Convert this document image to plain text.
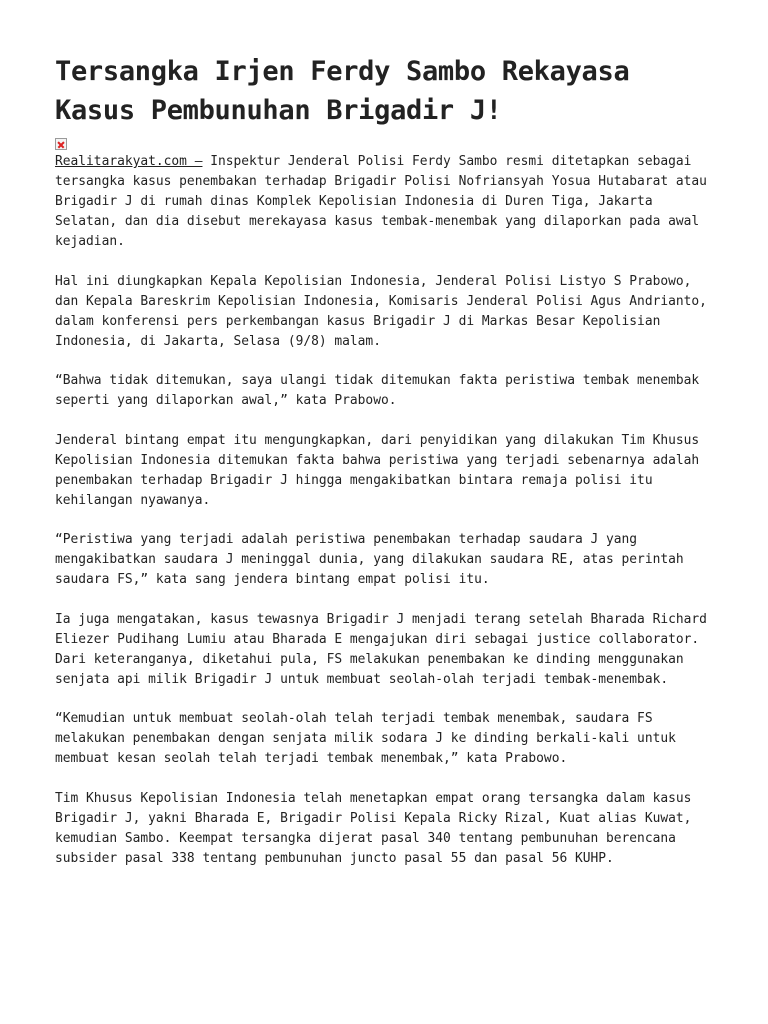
Tersangka Irjen Ferdy Sambo Rekayasa Kasus Pembunuhan Brigadir J!

Realitarakyat.com – Inspektur Jenderal Polisi Ferdy Sambo resmi ditetapkan sebagai tersangka kasus penembakan terhadap Brigadir Polisi Nofriansyah Yosua Hutabarat atau Brigadir J di rumah dinas Komplek Kepolisian Indonesia di Duren Tiga, Jakarta Selatan, dan dia disebut merekayasa kasus tembak-menembak yang dilaporkan pada awal kejadian.

Hal ini diungkapkan Kepala Kepolisian Indonesia, Jenderal Polisi Listyo S Prabowo, dan Kepala Bareskrim Kepolisian Indonesia, Komisaris Jenderal Polisi Agus Andrianto, dalam konferensi pers perkembangan kasus Brigadir J di Markas Besar Kepolisian Indonesia, di Jakarta, Selasa (9/8) malam.

“Bahwa tidak ditemukan, saya ulangi tidak ditemukan fakta peristiwa tembak menembak seperti yang dilaporkan awal,” kata Prabowo.

Jenderal bintang empat itu mengungkapkan, dari penyidikan yang dilakukan Tim Khusus Kepolisian Indonesia ditemukan fakta bahwa peristiwa yang terjadi sebenarnya adalah penembakan terhadap Brigadir J hingga mengakibatkan bintara remaja polisi itu kehilangan nyawanya.

“Peristiwa yang terjadi adalah peristiwa penembakan terhadap saudara J yang mengakibatkan saudara J meninggal dunia, yang dilakukan saudara RE, atas perintah saudara FS,” kata sang jendera bintang empat polisi itu.

Ia juga mengatakan, kasus tewasnya Brigadir J menjadi terang setelah Bharada Richard Eliezer Pudihang Lumiu atau Bharada E mengajukan diri sebagai justice collaborator. Dari keteranganya, diketahui pula, FS melakukan penembakan ke dinding menggunakan senjata api milik Brigadir J untuk membuat seolah-olah terjadi tembak-menembak.

“Kemudian untuk membuat seolah-olah telah terjadi tembak menembak, saudara FS melakukan penembakan dengan senjata milik sodara J ke dinding berkali-kali untuk membuat kesan seolah telah terjadi tembak menembak,” kata Prabowo.

Tim Khusus Kepolisian Indonesia telah menetapkan empat orang tersangka dalam kasus Brigadir J, yakni Bharada E, Brigadir Polisi Kepala Ricky Rizal, Kuat alias Kuwat, kemudian Sambo. Keempat tersangka dijerat pasal 340 tentang pembunuhan berencana subsider pasal 338 tentang pembunuhan juncto pasal 55 dan pasal 56 KUHP.
